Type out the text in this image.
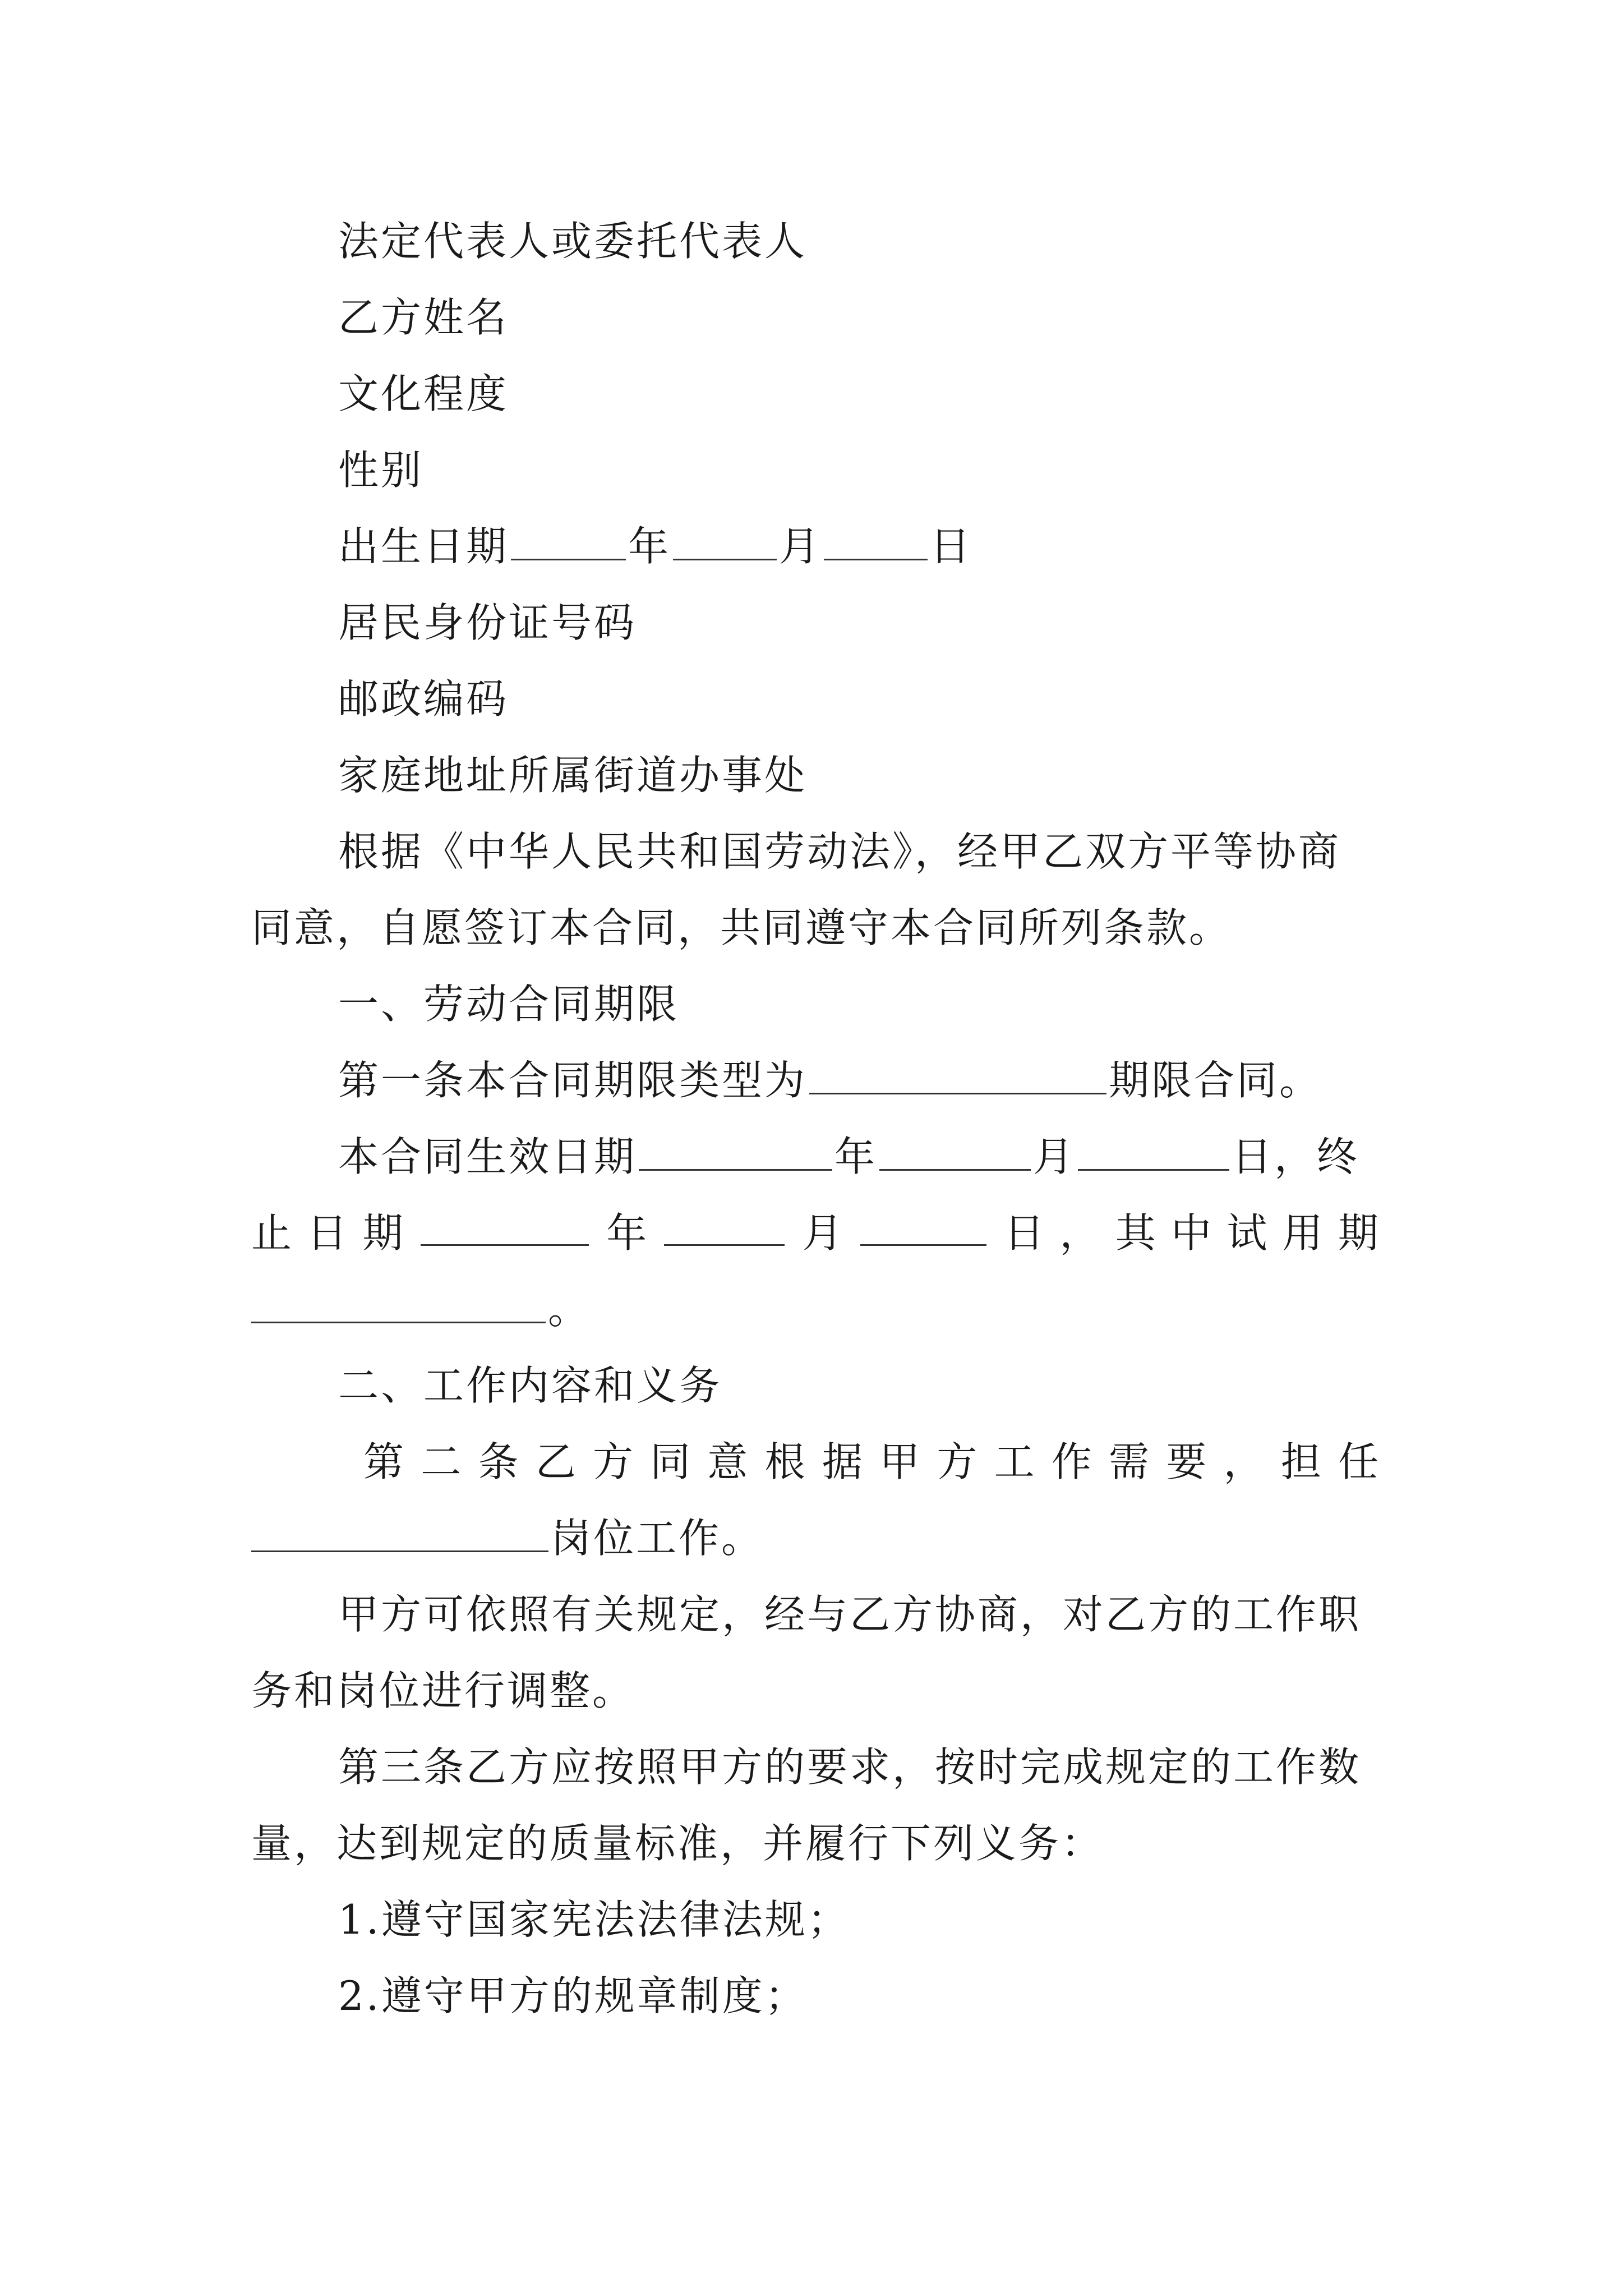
法定代表人或委托代表人
乙方姓名
文化程度
性别
出生日期	年	月	日
居民身份证号码
邮政编码
家庭地址所属街道办事处
根据《中华人民共和国劳动法》，经甲乙双方平等协商
同意，自愿签订本合同，共同遵守本合同所列条款。
一、劳动合同期限
第一条本合同期限类型为	期限合同。
本合同生效日期	年	月	日，终
止 日 期	年	月	日 ， 其 中 试 用 期
。
二、工作内容和义务
第 二 条 乙 方 同 意 根 据 甲 方 工 作 需 要 ， 担 任
岗位工作。
甲方可依照有关规定，经与乙方协商，对乙方的工作职
务和岗位进行调整。
第三条乙方应按照甲方的要求，按时完成规定的工作数
量，达到规定的质量标准，并履行下列义务：
1.遵守国家宪法法律法规；
2.遵守甲方的规章制度；
